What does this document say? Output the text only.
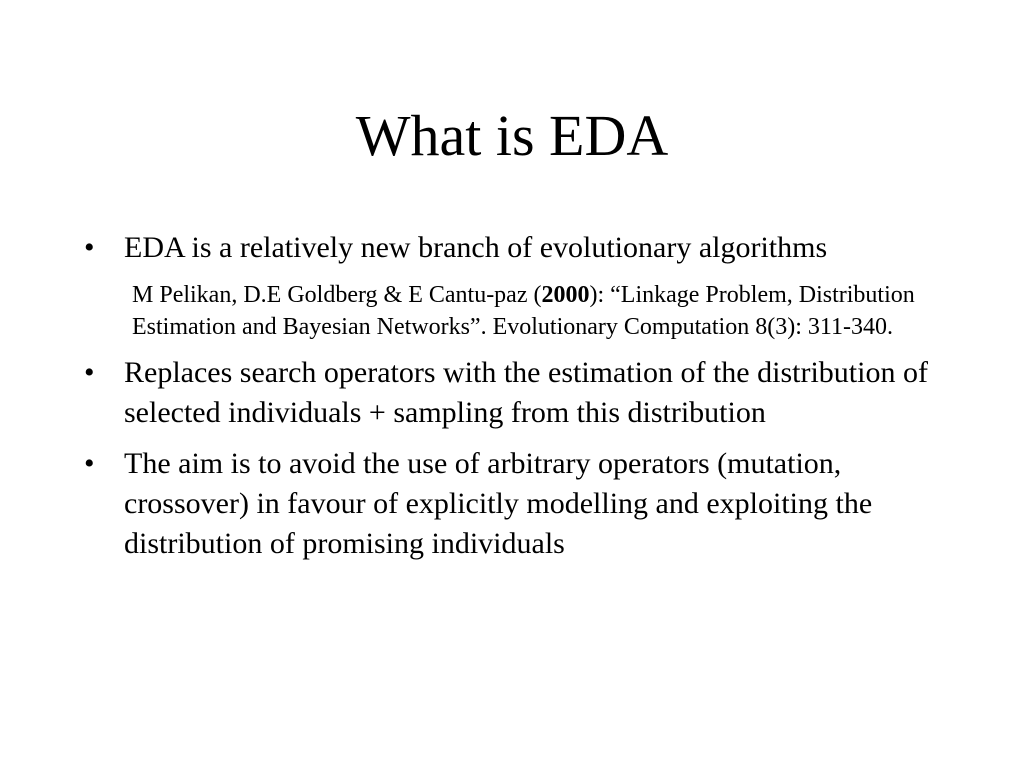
What is EDA
• EDA is a relatively new branch of evolutionary algorithms
M Pelikan, D.E Goldberg & E Cantu-paz (2000): “Linkage Problem, Distribution Estimation and Bayesian Networks”. Evolutionary Computation 8(3): 311-340.
• Replaces search operators with the estimation of the distribution of selected individuals + sampling from this distribution
• The aim is to avoid the use of arbitrary operators (mutation, crossover) in favour of explicitly modelling and exploiting the distribution of promising individuals
